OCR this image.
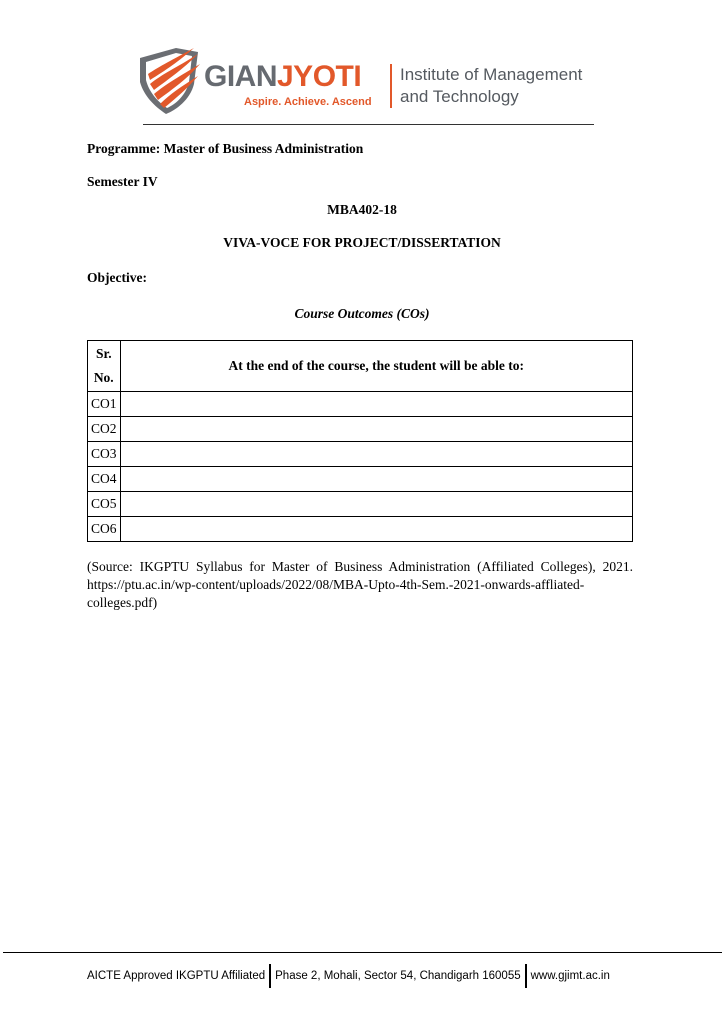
GIANJYOTI
Aspire. Achieve. Ascend
Institute of Management
and Technology
Programme: Master of Business Administration
Semester IV
MBA402-18
VIVA-VOCE FOR PROJECT/DISSERTATION
Objective:
Course Outcomes (COs)
Sr.
No.	At the end of the course, the student will be able to:
CO1	
CO2	
CO3	
CO4	
CO5	
CO6	
(Source: IKGPTU Syllabus for Master of Business Administration (Affiliated Colleges), 2021. https://ptu.ac.in/wp-content/uploads/2022/08/MBA-Upto-4th-Sem.-2021-onwards-affliated-colleges.pdf)
AICTE Approved IKGPTU Affiliated Phase 2, Mohali, Sector 54, Chandigarh 160055 www.gjimt.ac.in
